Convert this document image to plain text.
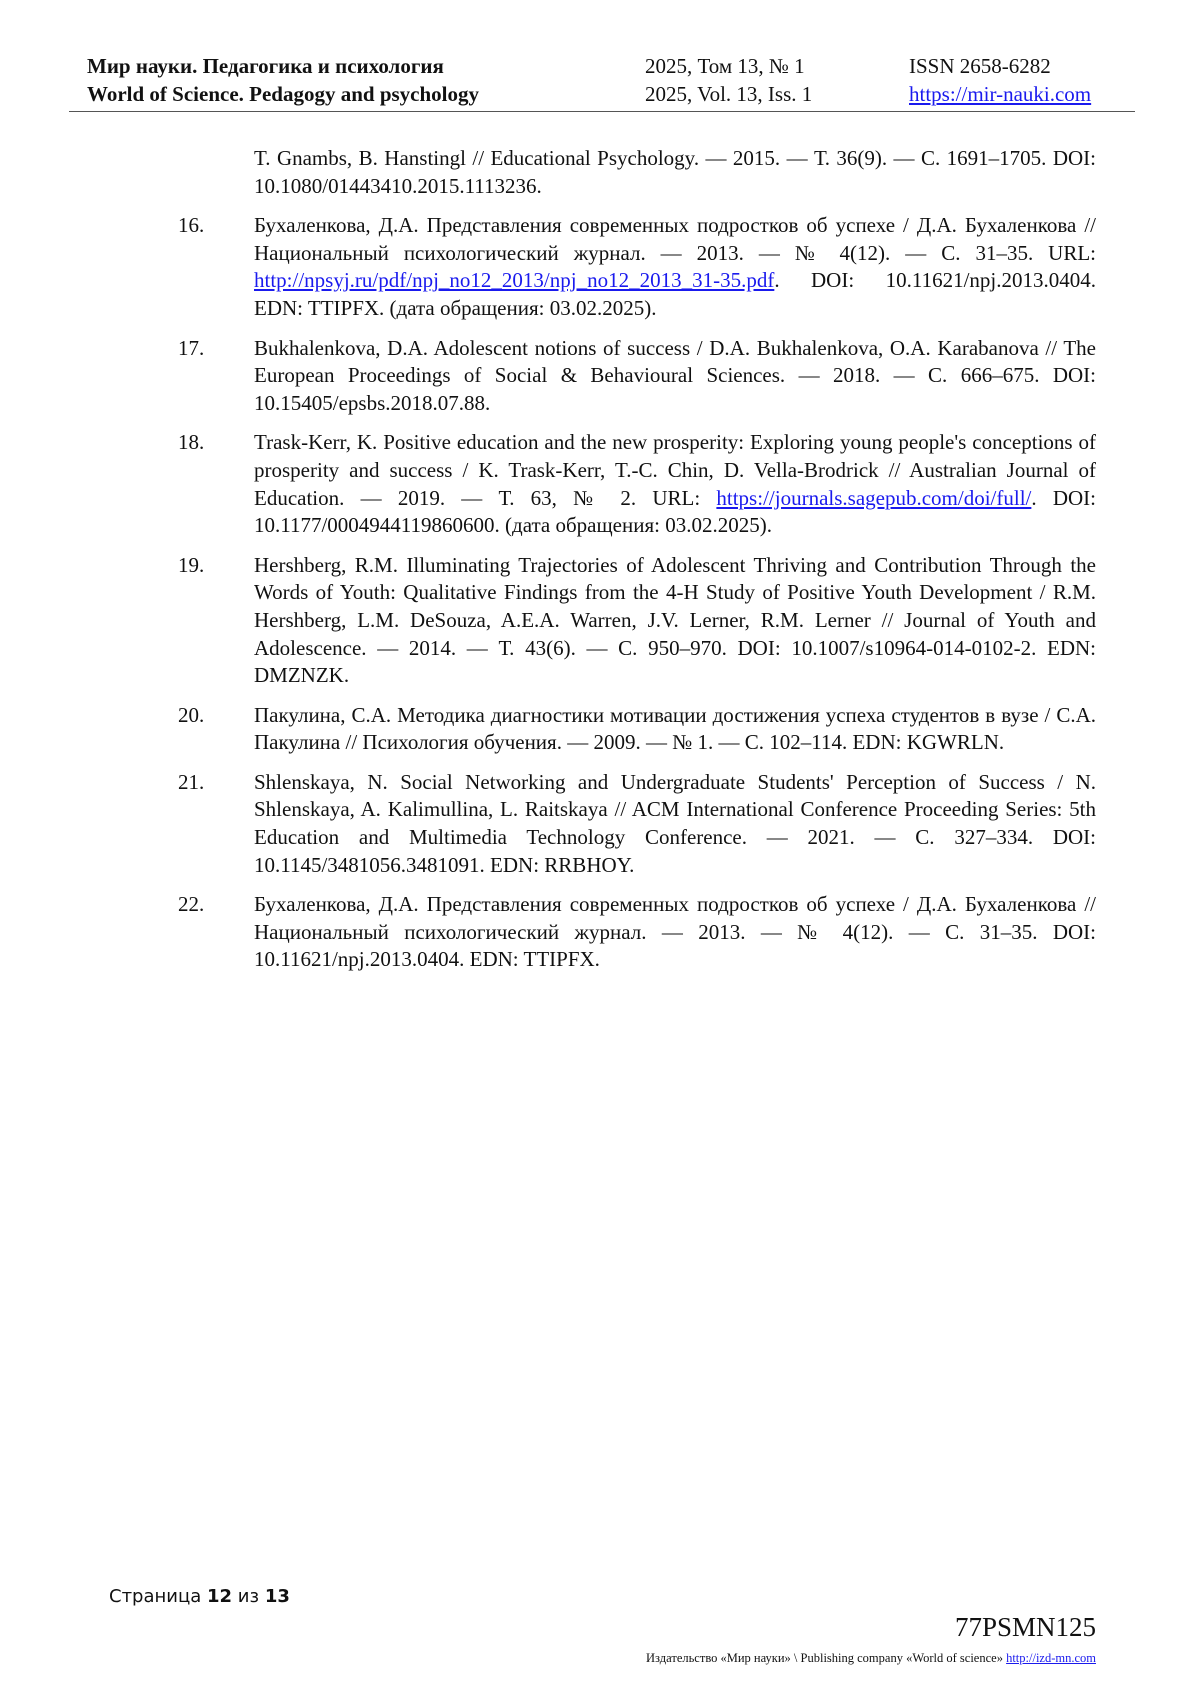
Мир науки. Педагогика и психология
World of Science. Pedagogy and psychology
2025, Том 13, № 1
2025, Vol. 13, Iss. 1
ISSN 2658-6282
https://mir-nauki.com
T. Gnambs, B. Hanstingl // Educational Psychology. — 2015. — Т. 36(9). — С. 1691–1705. DOI: 10.1080/01443410.2015.1113236.
16.	Бухаленкова, Д.А. Представления современных подростков об успехе / Д.А. Бухаленкова // Национальный психологический журнал. — 2013. — № 4(12). — С. 31–35. URL: http://npsyj.ru/pdf/npj_no12_2013/npj_no12_2013_31-35.pdf. DOI: 10.11621/npj.2013.0404. EDN: TTIPFX. (дата обращения: 03.02.2025).
17.	Bukhalenkova, D.A. Adolescent notions of success / D.A. Bukhalenkova, O.A. Karabanova // The European Proceedings of Social & Behavioural Sciences. — 2018. — С. 666–675. DOI: 10.15405/epsbs.2018.07.88.
18.	Trask-Kerr, K. Positive education and the new prosperity: Exploring young people's conceptions of prosperity and success / K. Trask-Kerr, T.-C. Chin, D. Vella-Brodrick // Australian Journal of Education. — 2019. — Т. 63, № 2. URL: https://journals.sagepub.com/doi/full/. DOI: 10.1177/0004944119860600. (дата обращения: 03.02.2025).
19.	Hershberg, R.M. Illuminating Trajectories of Adolescent Thriving and Contribution Through the Words of Youth: Qualitative Findings from the 4-H Study of Positive Youth Development / R.M. Hershberg, L.M. DeSouza, A.E.A. Warren, J.V. Lerner, R.M. Lerner // Journal of Youth and Adolescence. — 2014. — Т. 43(6). — С. 950–970. DOI: 10.1007/s10964-014-0102-2. EDN: DMZNZK.
20.	Пакулина, С.А. Методика диагностики мотивации достижения успеха студентов в вузе / С.А. Пакулина // Психология обучения. — 2009. — № 1. — С. 102–114. EDN: KGWRLN.
21.	Shlenskaya, N. Social Networking and Undergraduate Students' Perception of Success / N. Shlenskaya, A. Kalimullina, L. Raitskaya // ACM International Conference Proceeding Series: 5th Education and Multimedia Technology Conference. — 2021. — С. 327–334. DOI: 10.1145/3481056.3481091. EDN: RRBHOY.
22.	Бухаленкова, Д.А. Представления современных подростков об успехе / Д.А. Бухаленкова // Национальный психологический журнал. — 2013. — № 4(12). — С. 31–35. DOI: 10.11621/npj.2013.0404. EDN: TTIPFX.
Страница 12 из 13
77PSMN125
Издательство «Мир науки» \ Publishing company «World of science» http://izd-mn.com
